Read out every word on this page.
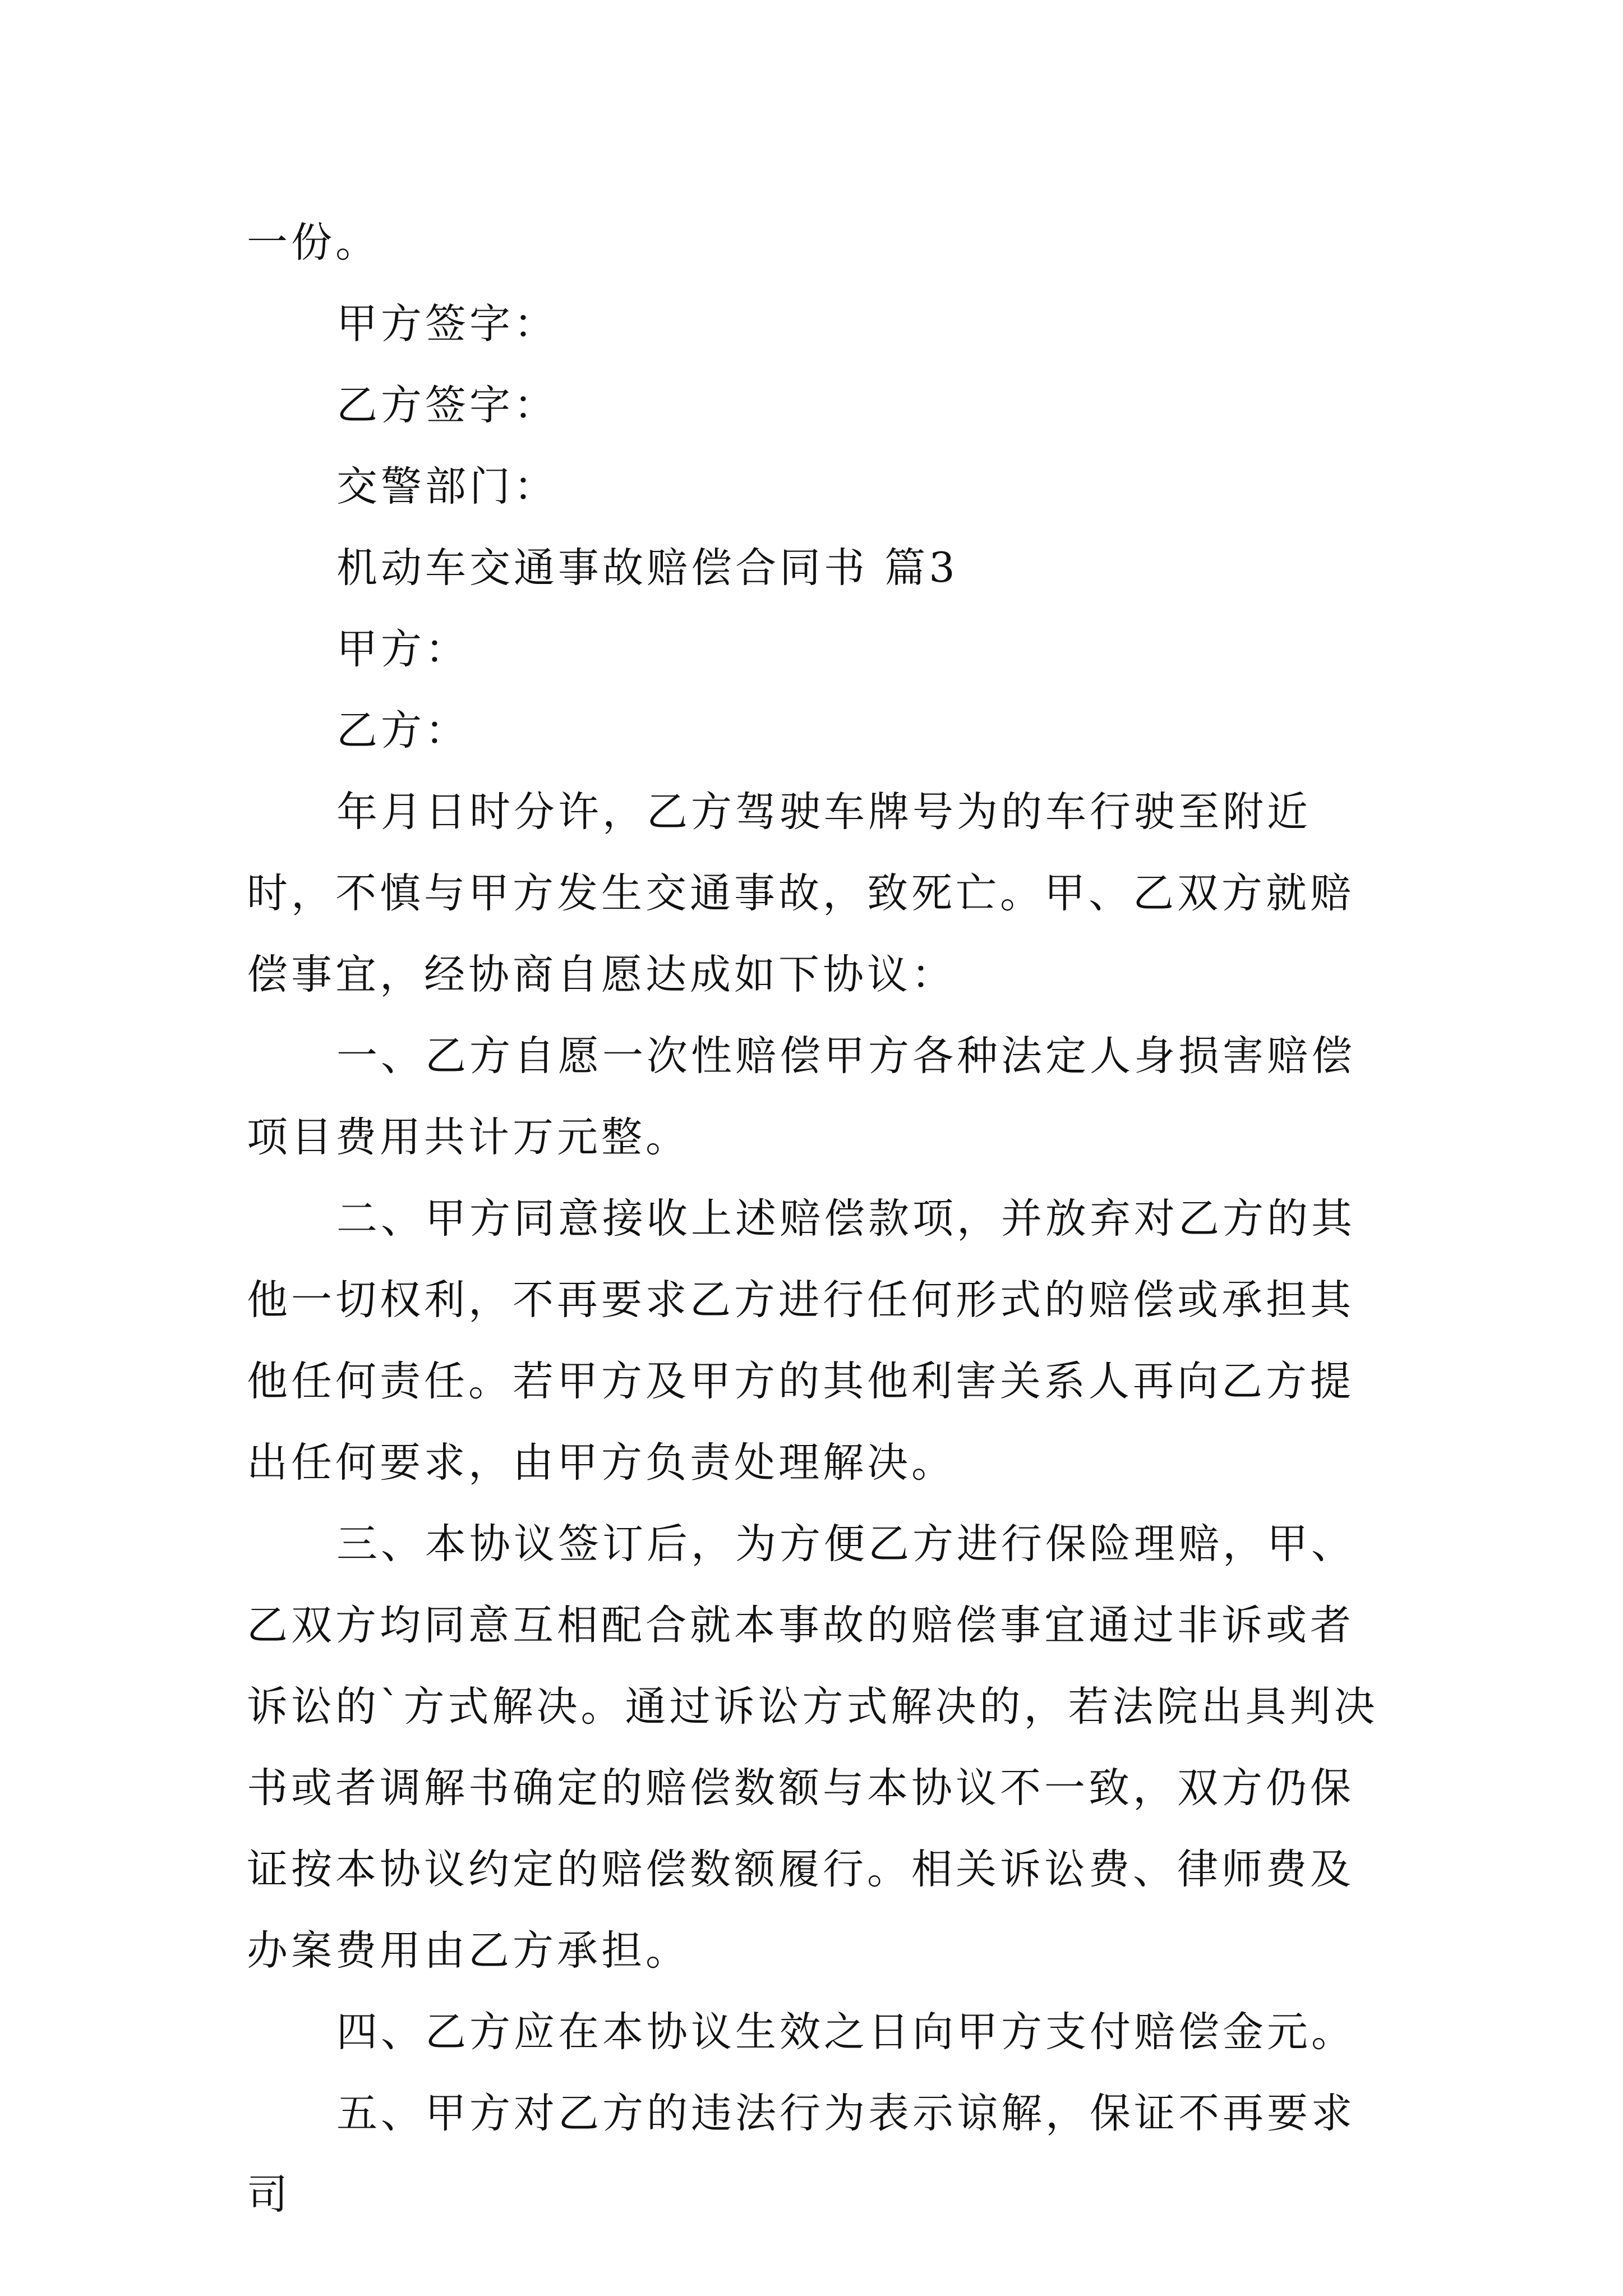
一份。

甲方签字：

乙方签字：

交警部门：

机动车交通事故赔偿合同书 篇3

甲方：

乙方：

年月日时分许，乙方驾驶车牌号为的车行驶至附近时，不慎与甲方发生交通事故，致死亡。甲、乙双方就赔偿事宜，经协商自愿达成如下协议：

一、乙方自愿一次性赔偿甲方各种法定人身损害赔偿项目费用共计万元整。

二、甲方同意接收上述赔偿款项，并放弃对乙方的其他一切权利，不再要求乙方进行任何形式的赔偿或承担其他任何责任。若甲方及甲方的其他利害关系人再向乙方提出任何要求，由甲方负责处理解决。

三、本协议签订后，为方便乙方进行保险理赔，甲、乙双方均同意互相配合就本事故的赔偿事宜通过非诉或者诉讼的`方式解决。通过诉讼方式解决的，若法院出具判决书或者调解书确定的赔偿数额与本协议不一致，双方仍保证按本协议约定的赔偿数额履行。相关诉讼费、律师费及办案费用由乙方承担。

四、乙方应在本协议生效之日向甲方支付赔偿金元。

五、甲方对乙方的违法行为表示谅解，保证不再要求司
